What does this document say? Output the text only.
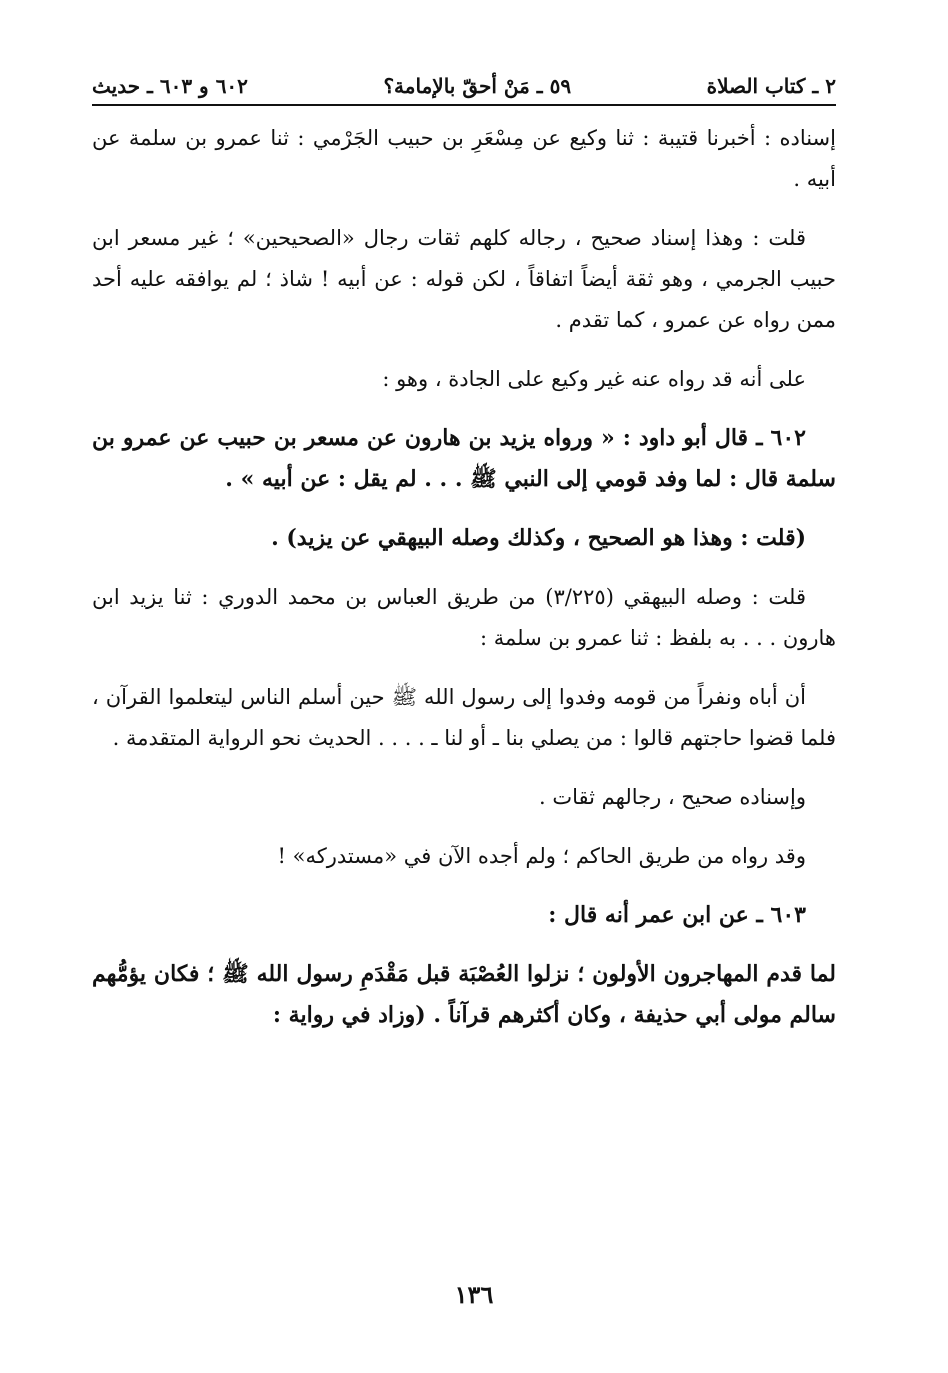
٢ ـ كتاب الصلاة
٥٩ ـ مَنْ أحقّ بالإمامة؟
٦٠٢ و ٦٠٣ ـ حديث

إسناده : أخبرنا قتيبة : ثنا وكيع عن مِسْعَرِ بن حبيب الجَرْمي : ثنا عمرو بن سلمة عن أبيه .

قلت : وهذا إسناد صحيح ، رجاله كلهم ثقات رجال «الصحيحين» ؛ غير مسعر ابن حبيب الجرمي ، وهو ثقة أيضاً اتفاقاً ، لكن قوله : عن أبيه ! شاذ ؛ لم يوافقه عليه أحد ممن رواه عن عمرو ، كما تقدم .

على أنه قد رواه عنه غير وكيع على الجادة ، وهو :

٦٠٢ ـ قال أبو داود : « ورواه يزيد بن هارون عن مسعر بن حبيب عن عمرو بن سلمة قال : لما وفد قومي إلى النبي ﷺ . . . لم يقل : عن أبيه » .

(قلت : وهذا هو الصحيح ، وكذلك وصله البيهقي عن يزيد) .

قلت : وصله البيهقي (٣/٢٢٥) من طريق العباس بن محمد الدوري : ثنا يزيد ابن هارون . . . به بلفظ : ثنا عمرو بن سلمة :

أن أباه ونفراً من قومه وفدوا إلى رسول الله ﷺ حين أسلم الناس ليتعلموا القرآن ، فلما قضوا حاجتهم قالوا : من يصلي بنا ـ أو لنا ـ . . . . الحديث نحو الرواية المتقدمة .

وإسناده صحيح ، رجالهم ثقات .

وقد رواه من طريق الحاكم ؛ ولم أجده الآن في «مستدركه» !

٦٠٣ ـ عن ابن عمر أنه قال :

لما قدم المهاجرون الأولون ؛ نزلوا العُصْبَة قبل مَقْدَمِ رسول الله ﷺ ؛ فكان يؤمُّهم سالم مولى أبي حذيفة ، وكان أكثرهم قرآناً . (وزاد في رواية :

١٣٦
